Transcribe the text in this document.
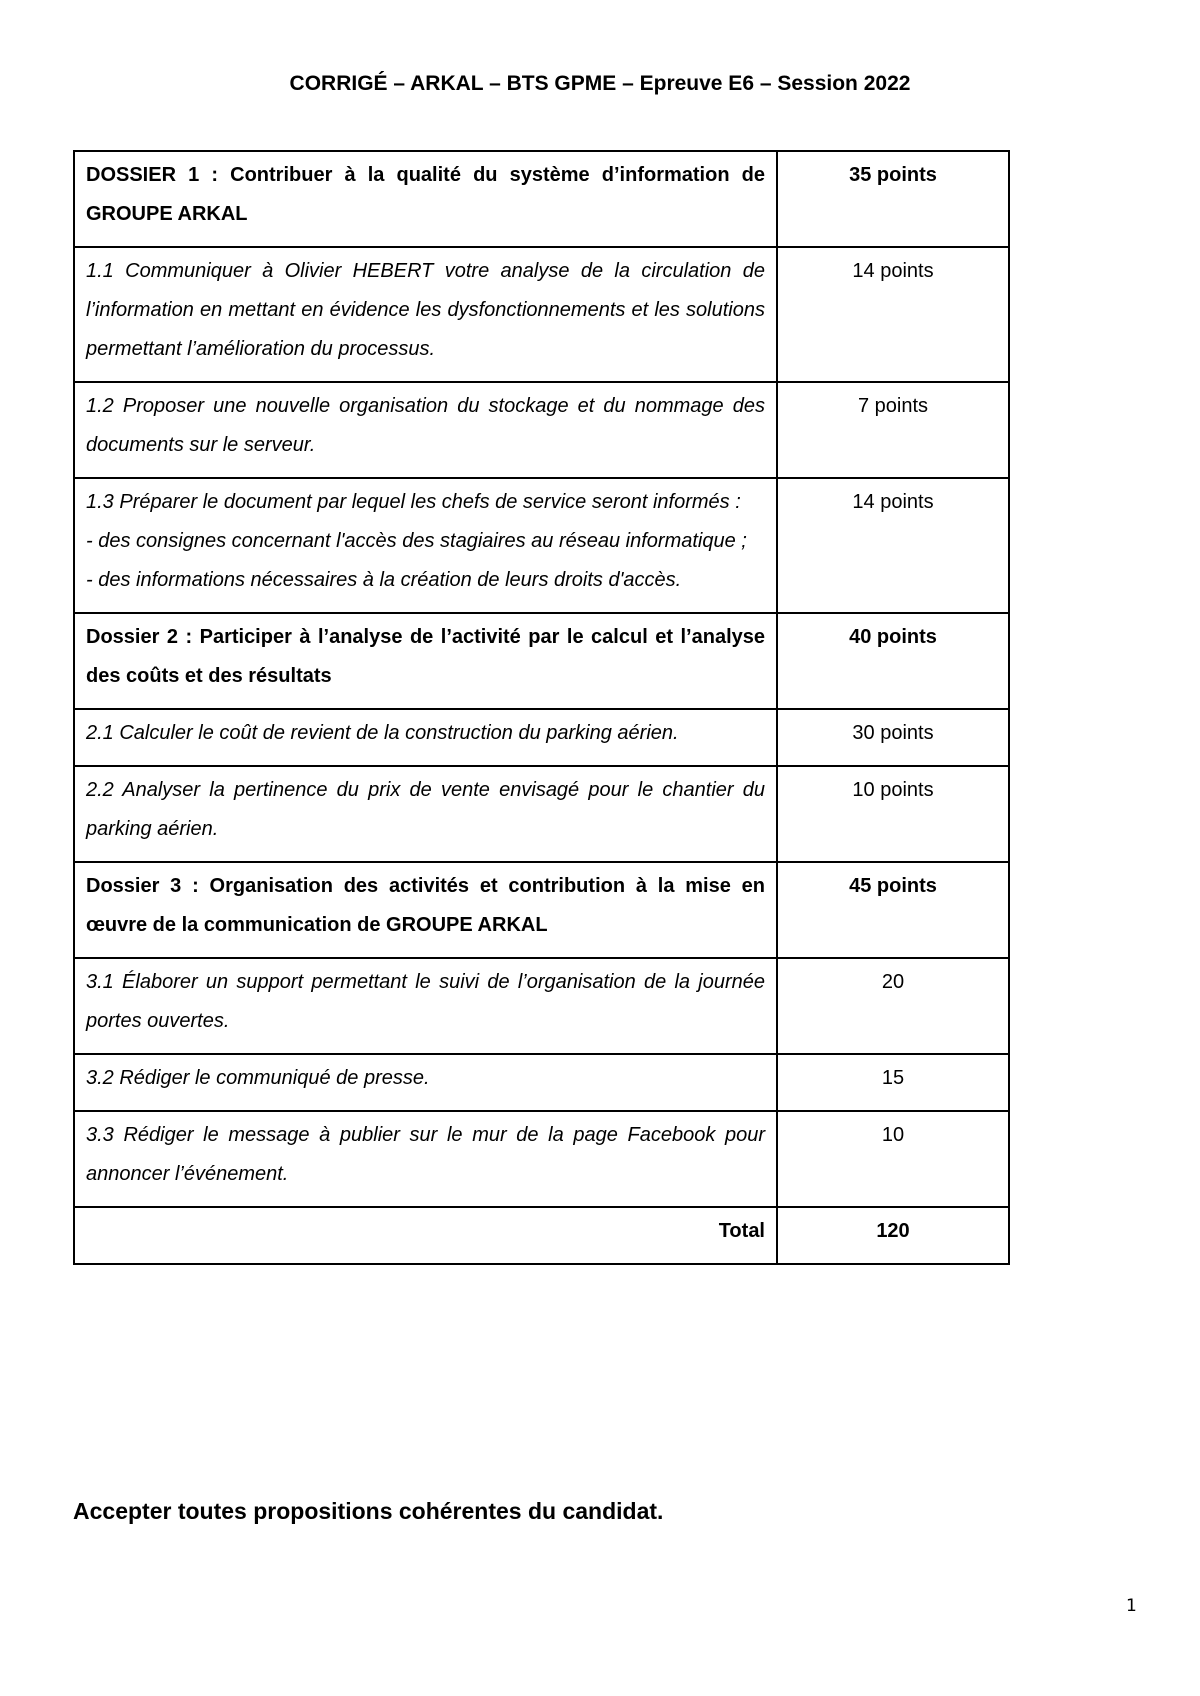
CORRIGÉ – ARKAL – BTS GPME – Epreuve E6 – Session 2022
DOSSIER 1 : Contribuer à la qualité du système d’information de GROUPE ARKAL	35 points

1.1 Communiquer à Olivier HEBERT votre analyse de la circulation de l’information en mettant en évidence les dysfonctionnements et les solutions permettant l’amélioration du processus.	14 points

1.2 Proposer une nouvelle organisation du stockage et du nommage des documents sur le serveur.	7 points

1.3 Préparer le document par lequel les chefs de service seront informés :
- des consignes concernant l'accès des stagiaires au réseau informatique ;
- des informations nécessaires à la création de leurs droits d'accès.	14 points

Dossier 2 : Participer à l’analyse de l’activité par le calcul et l’analyse des coûts et des résultats	40 points

2.1 Calculer le coût de revient de la construction du parking aérien.	30 points

2.2 Analyser la pertinence du prix de vente envisagé pour le chantier du parking aérien.	10 points

Dossier 3 : Organisation des activités et contribution à la mise en œuvre de la communication de GROUPE ARKAL	45 points

3.1 Élaborer un support permettant le suivi de l’organisation de la journée portes ouvertes.	20

3.2 Rédiger le communiqué de presse.	15

3.3 Rédiger le message à publier sur le mur de la page Facebook pour annoncer l’événement.	10
Total	120
Accepter toutes propositions cohérentes du candidat.
1
